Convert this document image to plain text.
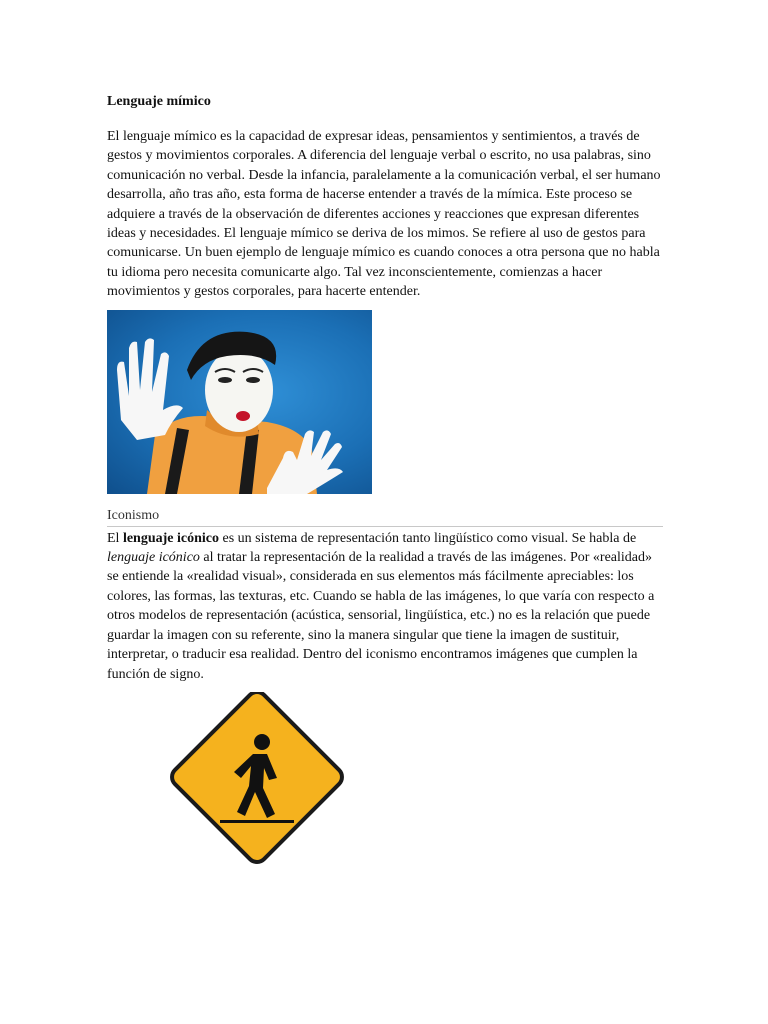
Lenguaje mímico

El lenguaje mímico es la capacidad de expresar ideas, pensamientos y sentimientos, a través de gestos y movimientos corporales. A diferencia del lenguaje verbal o escrito, no usa palabras, sino comunicación no verbal. Desde la infancia, paralelamente a la comunicación verbal, el ser humano desarrolla, año tras año, esta forma de hacerse entender a través de la mímica. Este proceso se adquiere a través de la observación de diferentes acciones y reacciones que expresan diferentes ideas y necesidades. El lenguaje mímico se deriva de los mimos. Se refiere al uso de gestos para comunicarse. Un buen ejemplo de lenguaje mímico es cuando conoces a otra persona que no habla tu idioma pero necesita comunicarte algo. Tal vez inconscientemente, comienzas a hacer movimientos y gestos corporales, para hacerte entender.

Iconismo

El lenguaje icónico es un sistema de representación tanto lingüístico como visual. Se habla de lenguaje icónico al tratar la representación de la realidad a través de las imágenes. Por «realidad» se entiende la «realidad visual», considerada en sus elementos más fácilmente apreciables: los colores, las formas, las texturas, etc. Cuando se habla de las imágenes, lo que varía con respecto a otros modelos de representación (acústica, sensorial, lingüística, etc.) no es la relación que puede guardar la imagen con su referente, sino la manera singular que tiene la imagen de sustituir, interpretar, o traducir esa realidad. Dentro del iconismo encontramos imágenes que cumplen la función de signo.
